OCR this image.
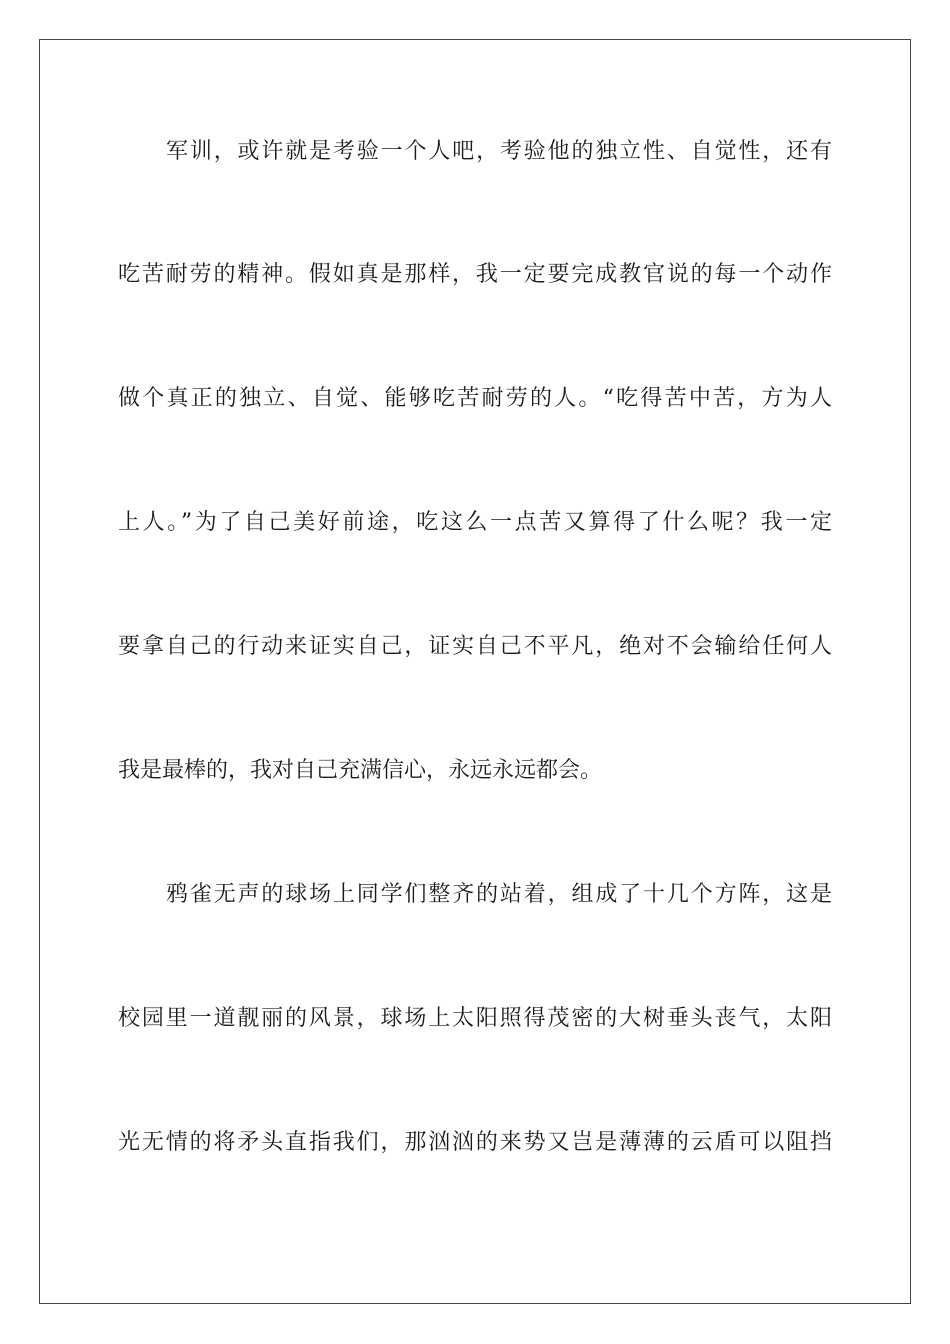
军训，或许就是考验一个人吧，考验他的独立性、自觉性，还有
吃苦耐劳的精神。假如真是那样，我一定要完成教官说的每一个动作
做个真正的独立、自觉、能够吃苦耐劳的人。“吃得苦中苦，方为人
上人。”为了自己美好前途，吃这么一点苦又算得了什么呢？我一定
要拿自己的行动来证实自己，证实自己不平凡，绝对不会输给任何人
我是最棒的，我对自己充满信心，永远永远都会。
鸦雀无声的球场上同学们整齐的站着，组成了十几个方阵，这是
校园里一道靓丽的风景，球场上太阳照得茂密的大树垂头丧气，太阳
光无情的将矛头直指我们，那汹汹的来势又岂是薄薄的云盾可以阻挡
